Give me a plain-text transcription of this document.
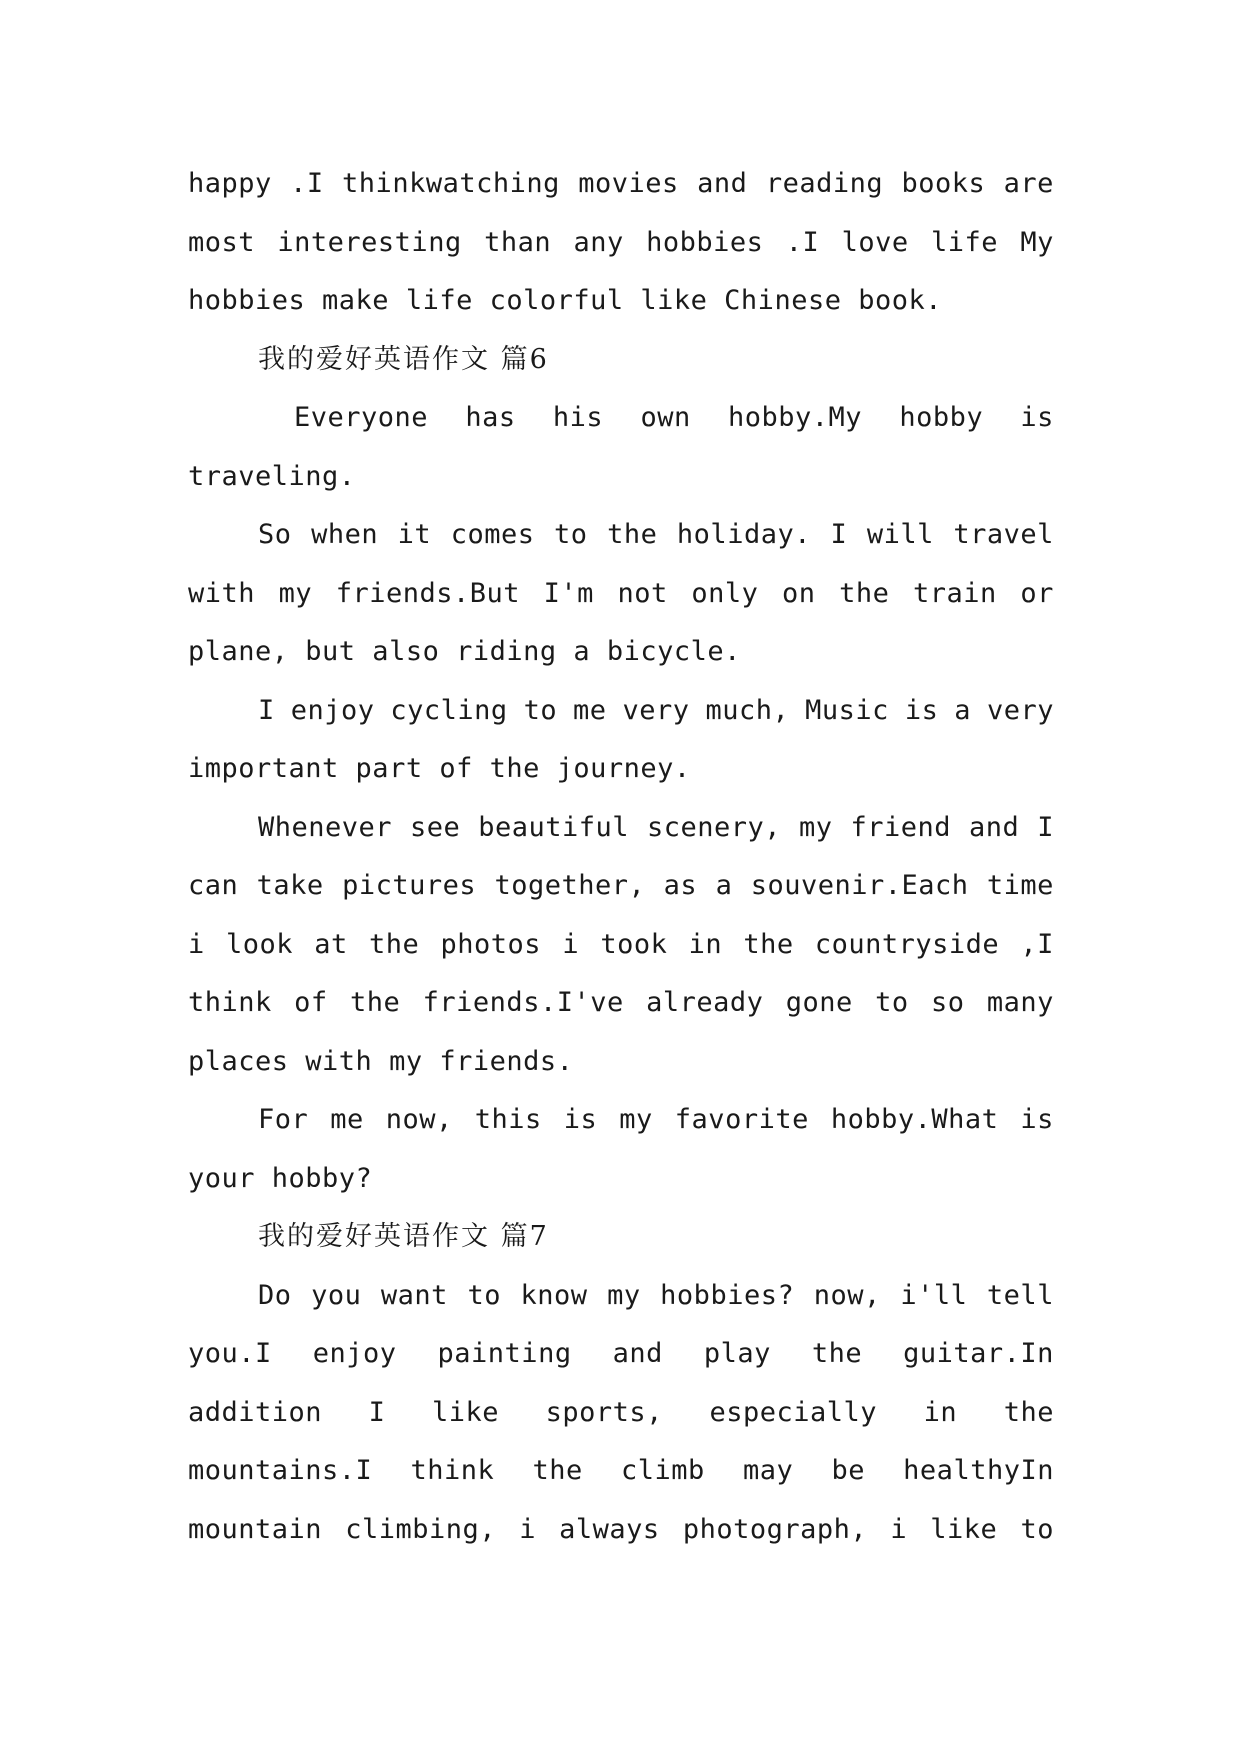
happy .I thinkwatching movies and reading books are
most interesting than any hobbies .I love life My
hobbies make life colorful like Chinese book.
我的爱好英语作文 篇6
Everyone has his own hobby.My hobby is
traveling.
So when it comes to the holiday. I will travel
with my friends.But I'm not only on the train or
plane, but also riding a bicycle.
I enjoy cycling to me very much, Music is a very
important part of the journey.
Whenever see beautiful scenery, my friend and I
can take pictures together, as a souvenir.Each time
i look at the photos i took in the countryside ,I
think of the friends.I've already gone to so many
places with my friends.
For me now, this is my favorite hobby.What is
your hobby?
我的爱好英语作文 篇7
Do you want to know my hobbies? now, i'll tell
you.I enjoy painting and play the guitar.In
addition I like sports, especially in the
mountains.I think the climb may be healthyIn
mountain climbing, i always photograph, i like to
